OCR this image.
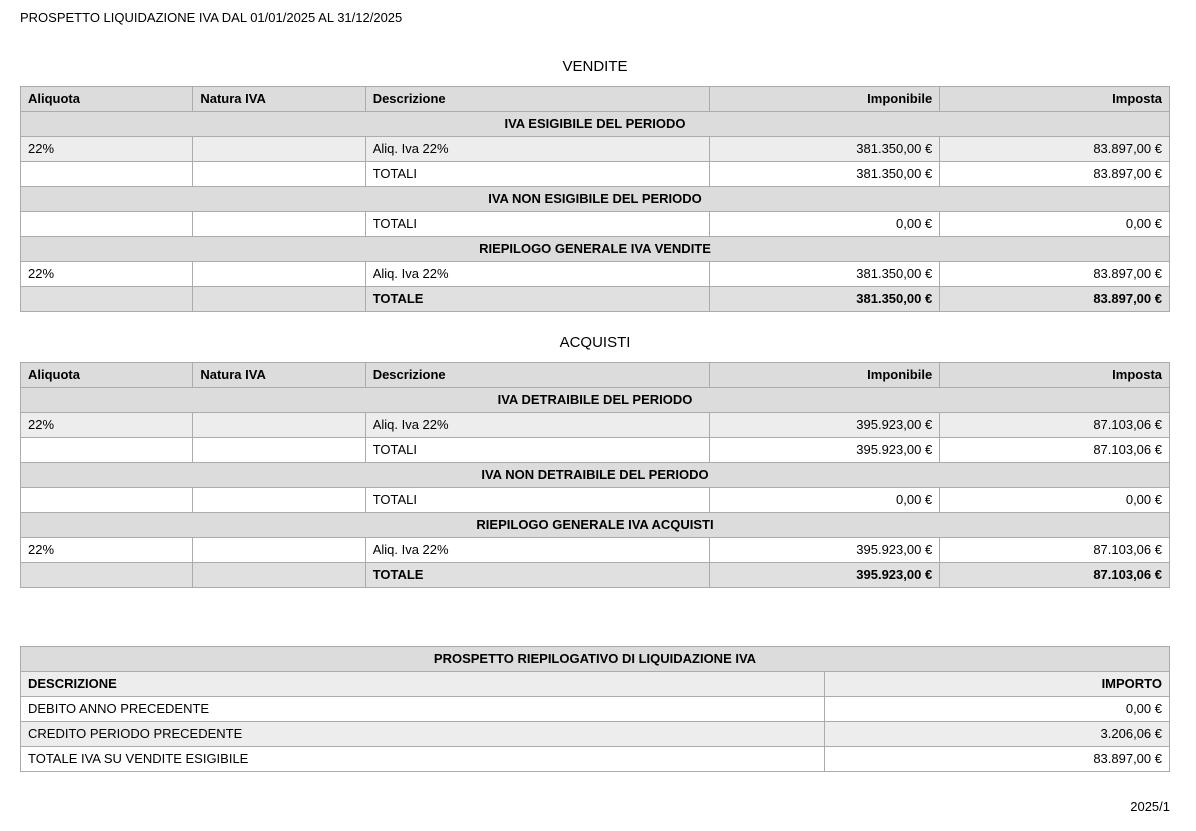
PROSPETTO LIQUIDAZIONE IVA DAL 01/01/2025 AL 31/12/2025
VENDITE
Aliquota	Natura IVA	Descrizione	Imponibile	Imposta
IVA ESIGIBILE DEL PERIODO				
22%		Aliq. Iva 22%	381.350,00 €	83.897,00 €
		TOTALI	381.350,00 €	83.897,00 €
IVA NON ESIGIBILE DEL PERIODO				
		TOTALI	0,00 €	0,00 €
RIEPILOGO GENERALE IVA VENDITE				
22%		Aliq. Iva 22%	381.350,00 €	83.897,00 €
		TOTALE	381.350,00 €	83.897,00 €
ACQUISTI
Aliquota	Natura IVA	Descrizione	Imponibile	Imposta
IVA DETRAIBILE DEL PERIODO				
22%		Aliq. Iva 22%	395.923,00 €	87.103,06 €
		TOTALI	395.923,00 €	87.103,06 €
IVA NON DETRAIBILE DEL PERIODO				
		TOTALI	0,00 €	0,00 €
RIEPILOGO GENERALE IVA ACQUISTI				
22%		Aliq. Iva 22%	395.923,00 €	87.103,06 €
		TOTALE	395.923,00 €	87.103,06 €
PROSPETTO RIEPILOGATIVO DI LIQUIDAZIONE IVA	
DESCRIZIONE	IMPORTO
DEBITO ANNO PRECEDENTE	0,00 €
CREDITO PERIODO PRECEDENTE	3.206,06 €
TOTALE IVA SU VENDITE ESIGIBILE	83.897,00 €
2025/1
